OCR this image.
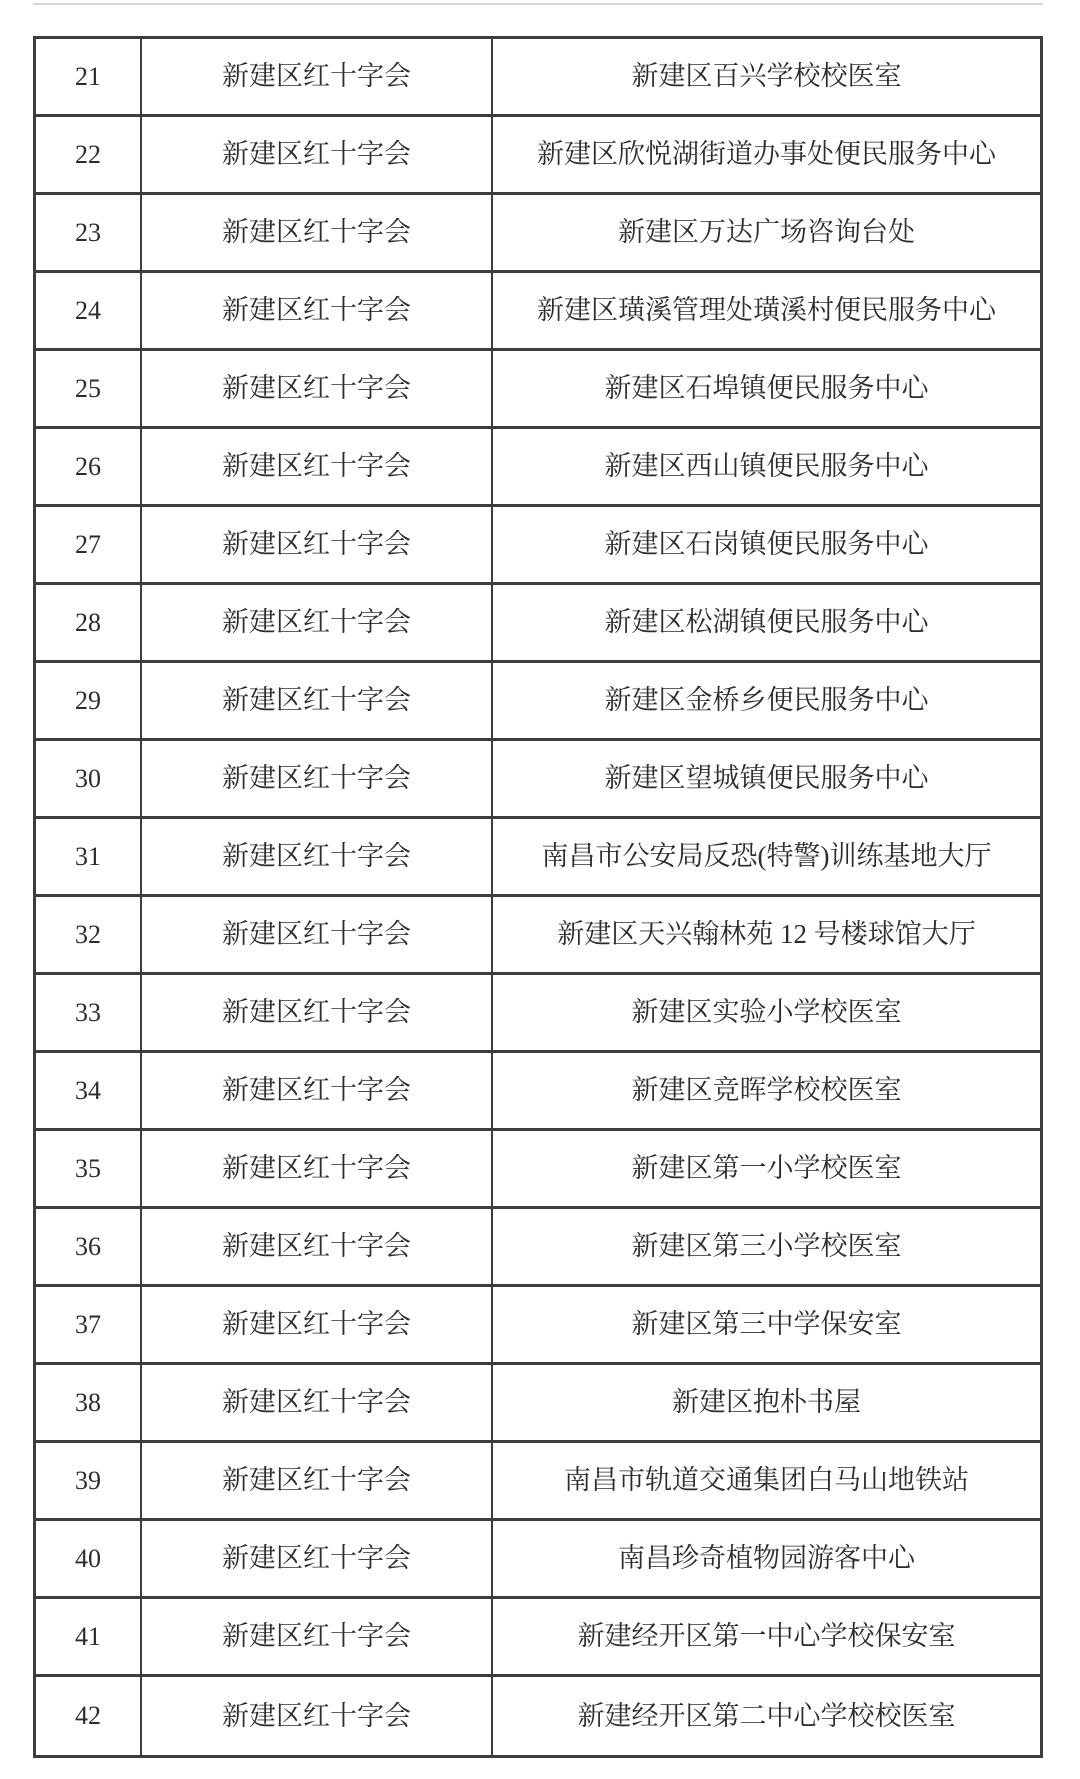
21	新建区红十字会	新建区百兴学校校医室
22	新建区红十字会	新建区欣悦湖街道办事处便民服务中心
23	新建区红十字会	新建区万达广场咨询台处
24	新建区红十字会	新建区璜溪管理处璜溪村便民服务中心
25	新建区红十字会	新建区石埠镇便民服务中心
26	新建区红十字会	新建区西山镇便民服务中心
27	新建区红十字会	新建区石岗镇便民服务中心
28	新建区红十字会	新建区松湖镇便民服务中心
29	新建区红十字会	新建区金桥乡便民服务中心
30	新建区红十字会	新建区望城镇便民服务中心
31	新建区红十字会	南昌市公安局反恐(特警)训练基地大厅
32	新建区红十字会	新建区天兴翰林苑 12 号楼球馆大厅
33	新建区红十字会	新建区实验小学校医室
34	新建区红十字会	新建区竞晖学校校医室
35	新建区红十字会	新建区第一小学校医室
36	新建区红十字会	新建区第三小学校医室
37	新建区红十字会	新建区第三中学保安室
38	新建区红十字会	新建区抱朴书屋
39	新建区红十字会	南昌市轨道交通集团白马山地铁站
40	新建区红十字会	南昌珍奇植物园游客中心
41	新建区红十字会	新建经开区第一中心学校保安室
42	新建区红十字会	新建经开区第二中心学校校医室
